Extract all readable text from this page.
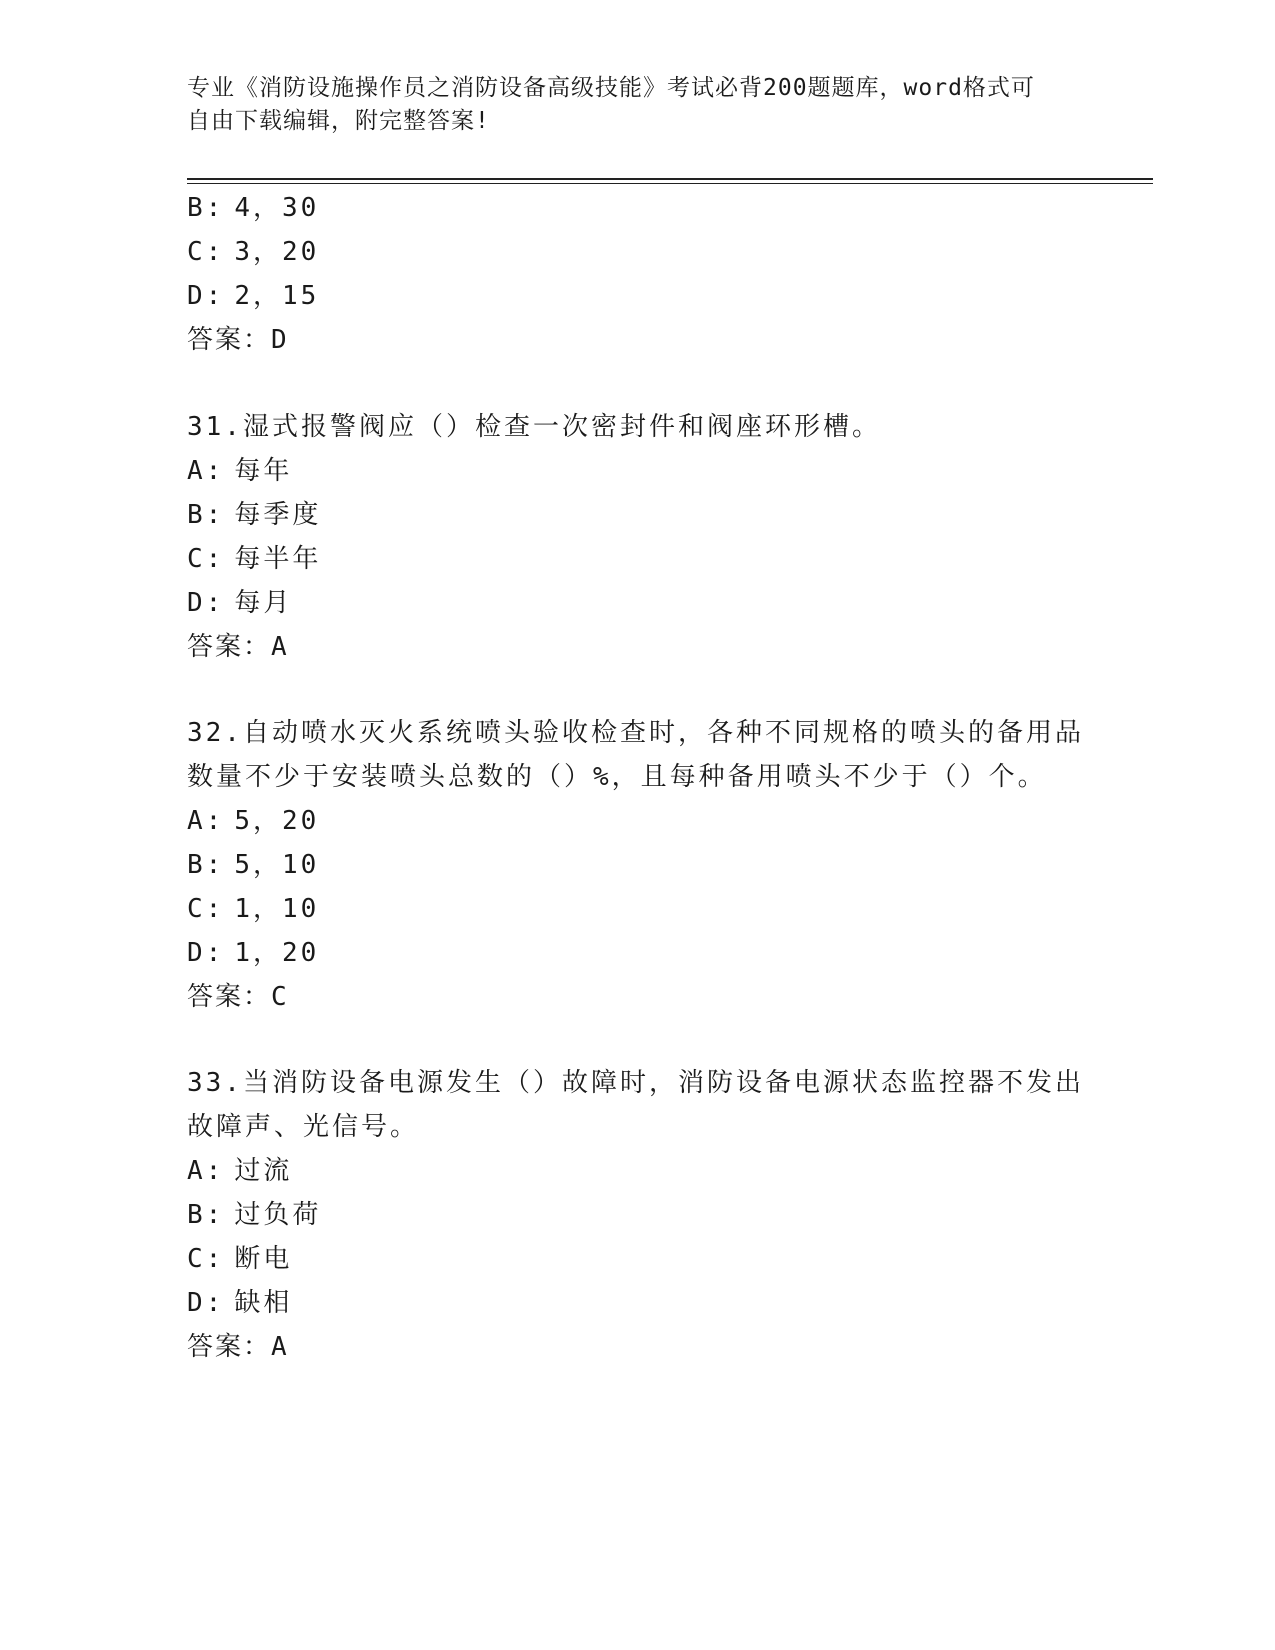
专业《消防设施操作员之消防设备高级技能》考试必背200题题库，word格式可
自由下载编辑，附完整答案!
B: 4，30
C: 3，20
D: 2，15
答案：D
31.湿式报警阀应（）检查一次密封件和阀座环形槽。
A: 每年
B: 每季度
C: 每半年
D: 每月
答案：A
32.自动喷水灭火系统喷头验收检查时，各种不同规格的喷头的备用品
数量不少于安装喷头总数的（）%，且每种备用喷头不少于（）个。
A: 5，20
B: 5，10
C: 1，10
D: 1，20
答案：C
33.当消防设备电源发生（）故障时，消防设备电源状态监控器不发出
故障声、光信号。
A: 过流
B: 过负荷
C: 断电
D: 缺相
答案：A
